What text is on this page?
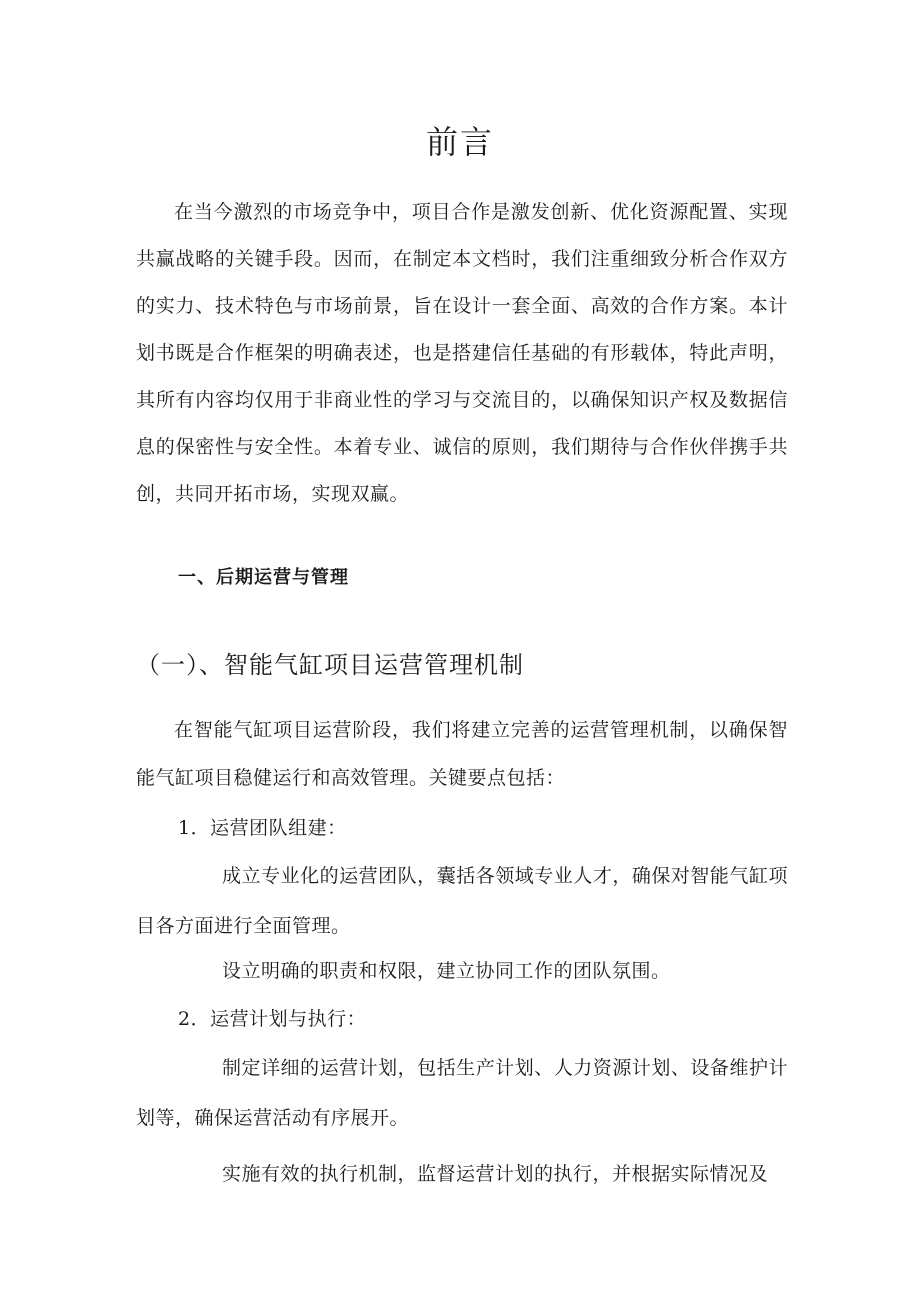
前言
在当今激烈的市场竞争中，项目合作是激发创新、优化资源配置、实现共赢战略的关键手段。因而，在制定本文档时，我们注重细致分析合作双方的实力、技术特色与市场前景，旨在设计一套全面、高效的合作方案。本计划书既是合作框架的明确表述，也是搭建信任基础的有形载体，特此声明，其所有内容均仅用于非商业性的学习与交流目的，以确保知识产权及数据信息的保密性与安全性。本着专业、诚信的原则，我们期待与合作伙伴携手共创，共同开拓市场，实现双赢。
一、后期运营与管理
（一）、智能气缸项目运营管理机制
在智能气缸项目运营阶段，我们将建立完善的运营管理机制，以确保智能气缸项目稳健运行和高效管理。关键要点包括：
1．运营团队组建：
成立专业化的运营团队，囊括各领域专业人才，确保对智能气缸项目各方面进行全面管理。
设立明确的职责和权限，建立协同工作的团队氛围。
2．运营计划与执行：
制定详细的运营计划，包括生产计划、人力资源计划、设备维护计划等，确保运营活动有序展开。
实施有效的执行机制，监督运营计划的执行，并根据实际情况及
